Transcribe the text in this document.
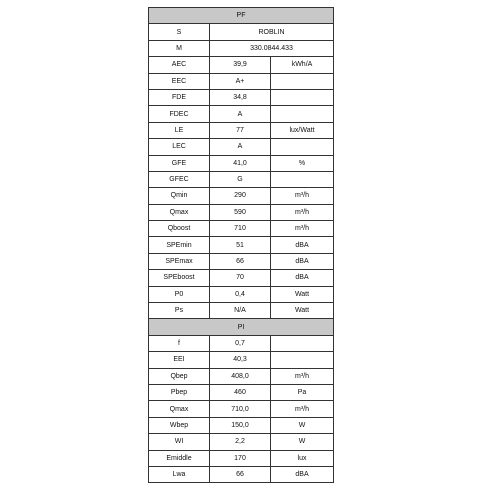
PF		
S	ROBLIN	
M	330.0844.433	
AEC	39,9	kWh/A
EEC	A+	
FDE	34,8	
FDEC	A	
LE	77	lux/Watt
LEC	A	
GFE	41,0	%
GFEC	G	
Qmin	290	m³/h
Qmax	590	m³/h
Qboost	710	m³/h
SPEmin	51	dBA
SPEmax	66	dBA
SPEboost	70	dBA
P0	0,4	Watt
Ps	N/A	Watt
PI		
f	0,7	
EEI	40,3	
Qbep	408,0	m³/h
Pbep	460	Pa
Qmax	710,0	m³/h
Wbep	150,0	W
WI	2,2	W
Emiddle	170	lux
Lwa	66	dBA
